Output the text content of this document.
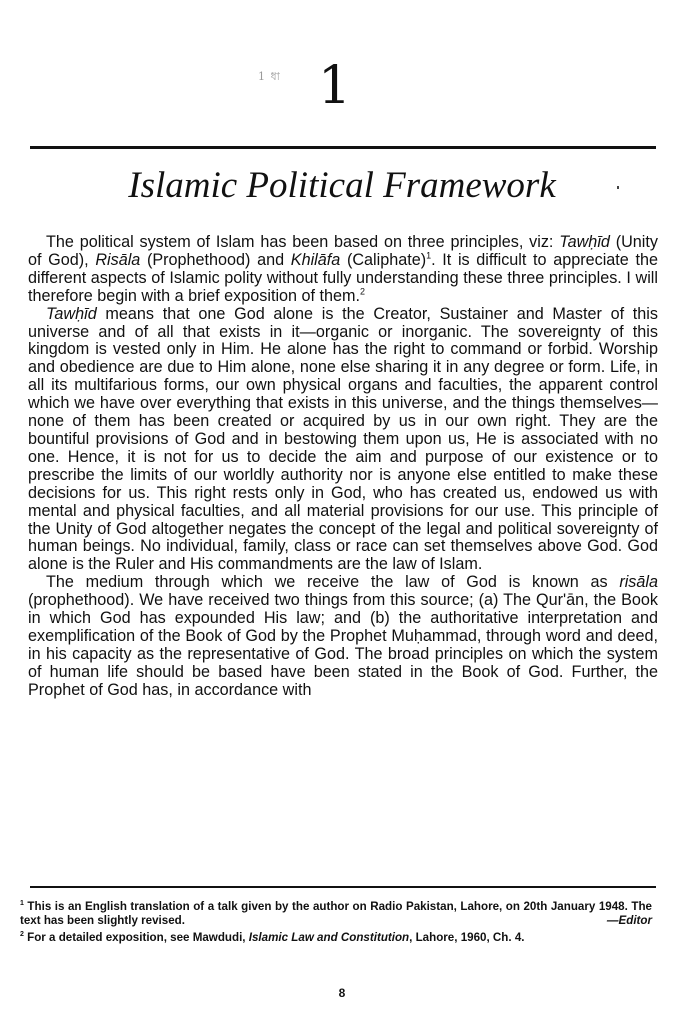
1 ধা 1
Islamic Political Framework

The political system of Islam has been based on three principles, viz: Tawḥīd (Unity of God), Risāla (Prophethood) and Khilāfa (Caliphate)$^1$. It is difficult to appreciate the different aspects of Islamic polity without fully understanding these three principles. I will therefore begin with a brief exposition of them.$^2$

Tawḥīd means that one God alone is the Creator, Sustainer and Master of this universe and of all that exists in it—organic or inorganic. The sovereignty of this kingdom is vested only in Him. He alone has the right to command or forbid. Worship and obedience are due to Him alone, none else sharing it in any degree or form. Life, in all its multifarious forms, our own physical organs and faculties, the apparent control which we have over everything that exists in this universe, and the things themselves—none of them has been created or acquired by us in our own right. They are the bountiful provisions of God and in bestowing them upon us, He is associated with no one. Hence, it is not for us to decide the aim and purpose of our existence or to prescribe the limits of our worldly authority nor is anyone else entitled to make these decisions for us. This right rests only in God, who has created us, endowed us with mental and physical faculties, and all material provisions for our use. This principle of the Unity of God altogether negates the concept of the legal and political sovereignty of human beings. No individual, family, class or race can set themselves above God. God alone is the Ruler and His commandments are the law of Islam.

The medium through which we receive the law of God is known as risāla (prophethood). We have received two things from this source; (a) The Qur'ān, the Book in which God has expounded His law; and (b) the authoritative interpretation and exemplification of the Book of God by the Prophet Muḥammad, through word and deed, in his capacity as the representative of God. The broad principles on which the system of human life should be based have been stated in the Book of God. Further, the Prophet of God has, in accordance with

$^1$ This is an English translation of a talk given by the author on Radio Pakistan, Lahore, on 20th January 1948. The text has been slightly revised.	—Editor

$^2$ For a detailed exposition, see Mawdudi, Islamic Law and Constitution, Lahore, 1960, Ch. 4.

8
